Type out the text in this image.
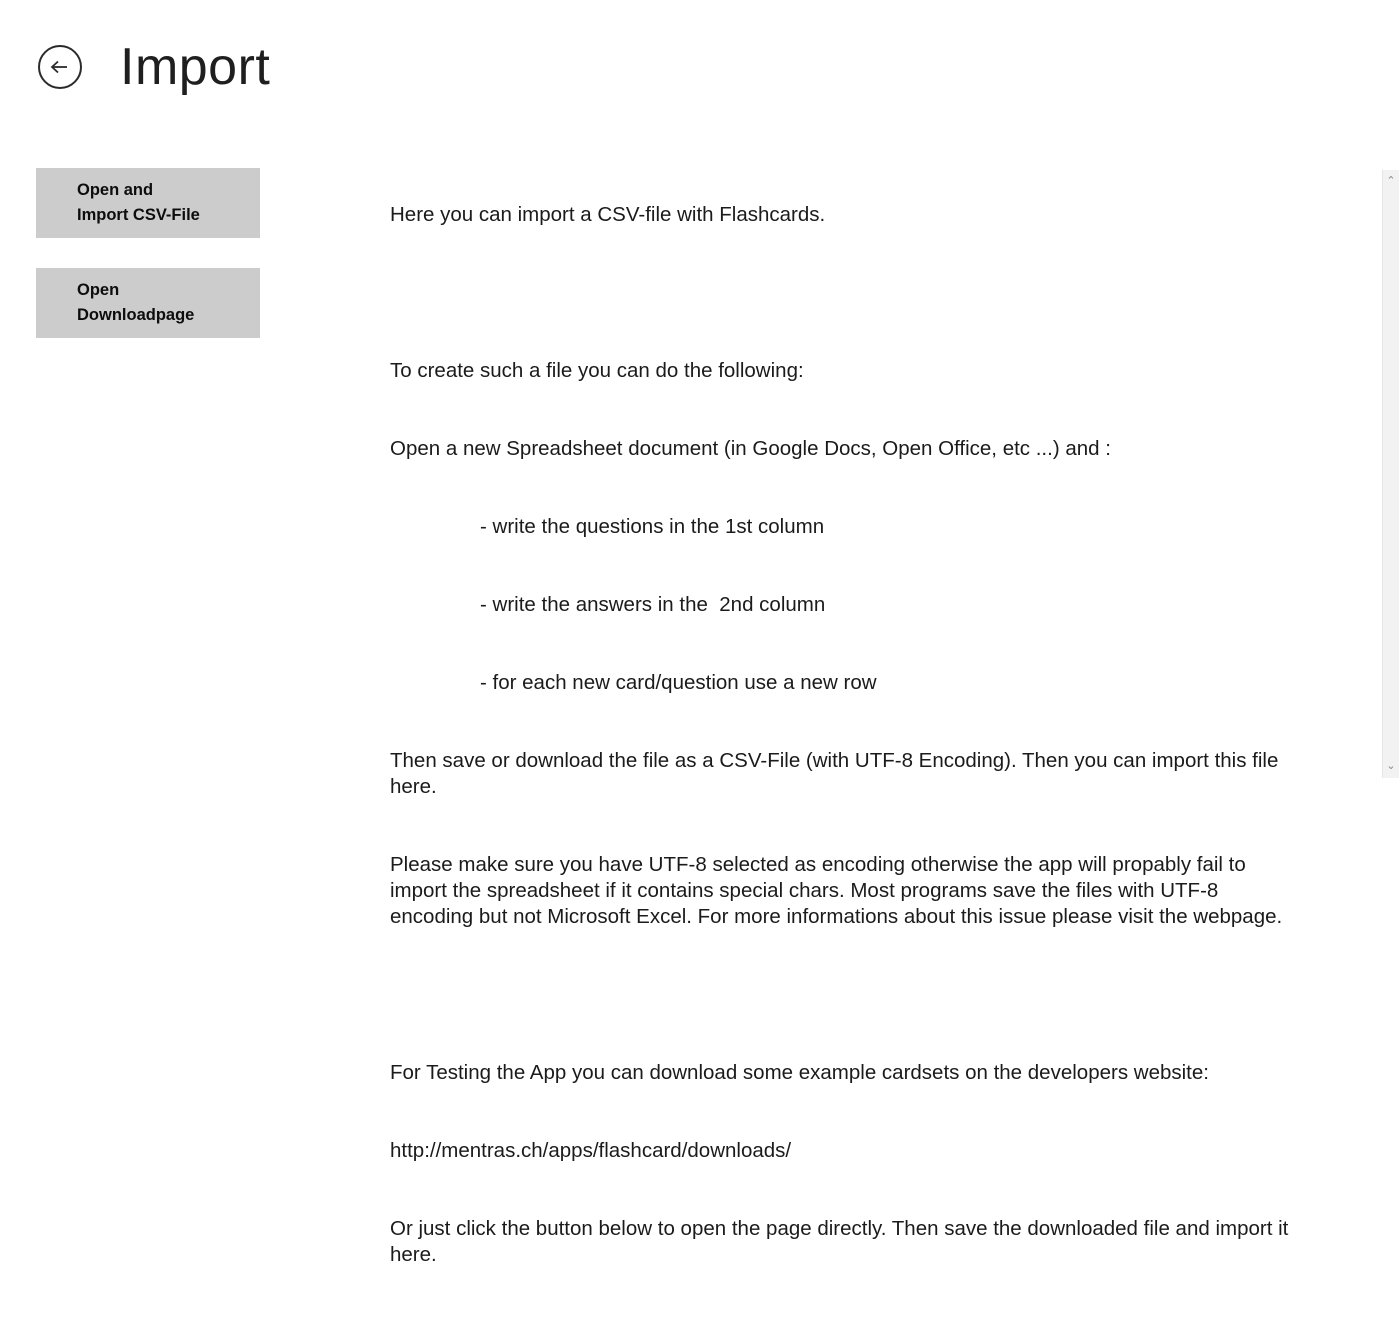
Import
Open and
Import CSV-File
Open
Downloadpage

Here you can import a CSV-file with Flashcards.

To create such a file you can do the following:

Open a new Spreadsheet document (in Google Docs, Open Office, etc ...) and :

- write the questions in the 1st column

- write the answers in the  2nd column

- for each new card/question use a new row

Then save or download the file as a CSV-File (with UTF-8 Encoding). Then you can import this file here.

Please make sure you have UTF-8 selected as encoding otherwise the app will propably fail to import the spreadsheet if it contains special chars. Most programs save the files with UTF-8 encoding but not Microsoft Excel. For more informations about this issue please visit the webpage.

For Testing the App you can download some example cardsets on the developers website:

http://mentras.ch/apps/flashcard/downloads/

Or just click the button below to open the page directly. Then save the downloaded file and import it here.

⌃
⌄
